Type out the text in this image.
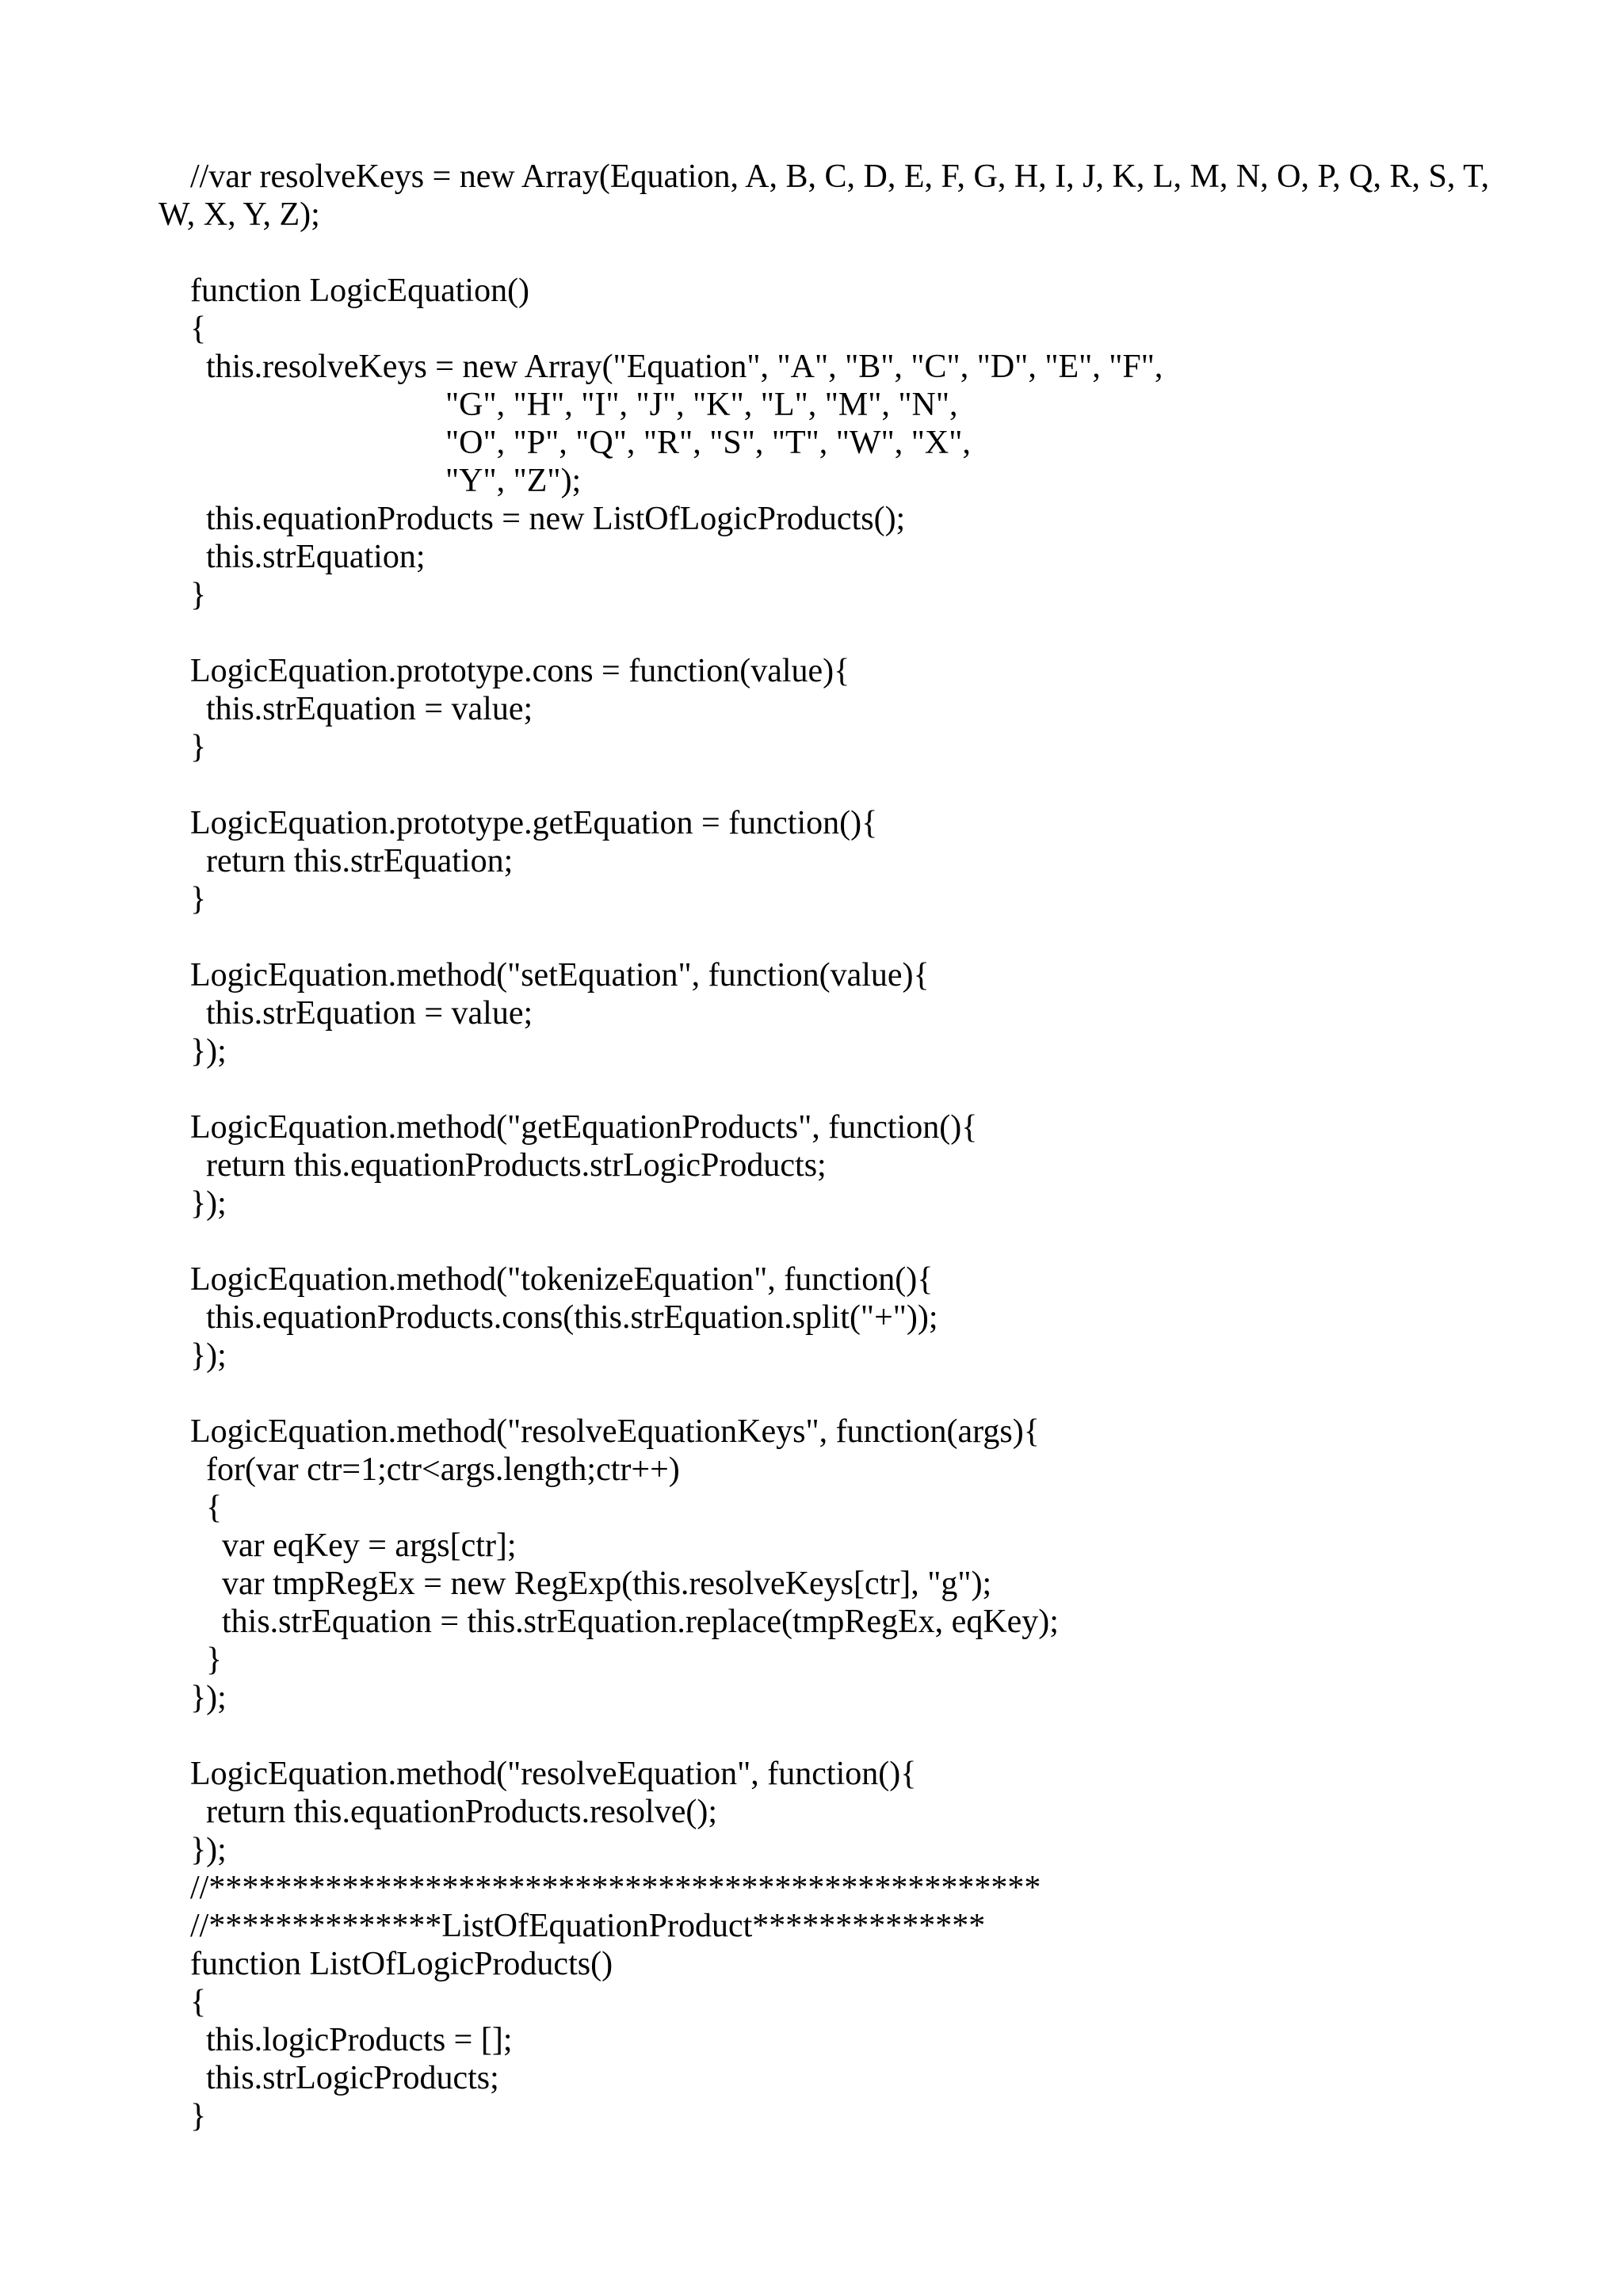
//var resolveKeys = new Array(Equation, A, B, C, D, E, F, G, H, I, J, K, L, M, N, O, P, Q, R, S, T,

W, X, Y, Z);

function LogicEquation()

{

this.resolveKeys = new Array("Equation", "A", "B", "C", "D", "E", "F",

"G", "H", "I", "J", "K", "L", "M", "N",

"O", "P", "Q", "R", "S", "T", "W", "X",

"Y", "Z");

this.equationProducts = new ListOfLogicProducts();

this.strEquation;

}

LogicEquation.prototype.cons = function(value){

this.strEquation = value;

}

LogicEquation.prototype.getEquation = function(){

return this.strEquation;

}

LogicEquation.method("setEquation", function(value){

this.strEquation = value;

});

LogicEquation.method("getEquationProducts", function(){

return this.equationProducts.strLogicProducts;

});

LogicEquation.method("tokenizeEquation", function(){

this.equationProducts.cons(this.strEquation.split("+"));

});

LogicEquation.method("resolveEquationKeys", function(args){

for(var ctr=1;ctr<args.length;ctr++)

{

var eqKey = args[ctr];

var tmpRegEx = new RegExp(this.resolveKeys[ctr], "g");

this.strEquation = this.strEquation.replace(tmpRegEx, eqKey);

}

});

LogicEquation.method("resolveEquation", function(){

return this.equationProducts.resolve();

});

//**************************************************

//**************ListOfEquationProduct**************

function ListOfLogicProducts()

{

this.logicProducts = [];

this.strLogicProducts;

}
